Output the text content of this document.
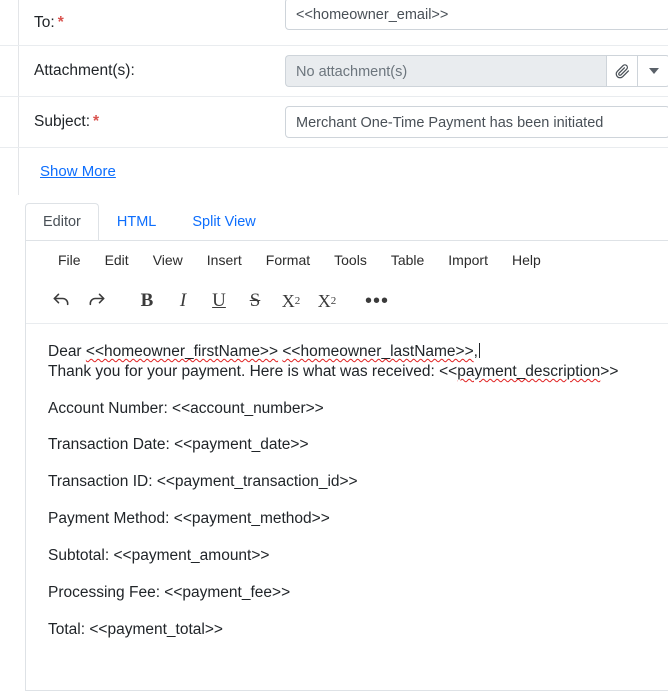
To: *	<<homeowner_email>>
Attachment(s):	No attachment(s)
Subject: *	Merchant One-Time Payment has been initiated
Show More
Editor	HTML	Split View
File	Edit	View	Insert	Format	Tools	Table	Import	Help
B	I	U	S	X 2 X 2 •••

Dear <<homeowner_firstName>> <<homeowner_lastName>>,

Thank you for your payment. Here is what was received: <<payment_description>>

Account Number: <<account_number>>

Transaction Date: <<payment_date>>

Transaction ID: <<payment_transaction_id>>

Payment Method: <<payment_method>>

Subtotal: <<payment_amount>>

Processing Fee: <<payment_fee>>

Total: <<payment_total>>
